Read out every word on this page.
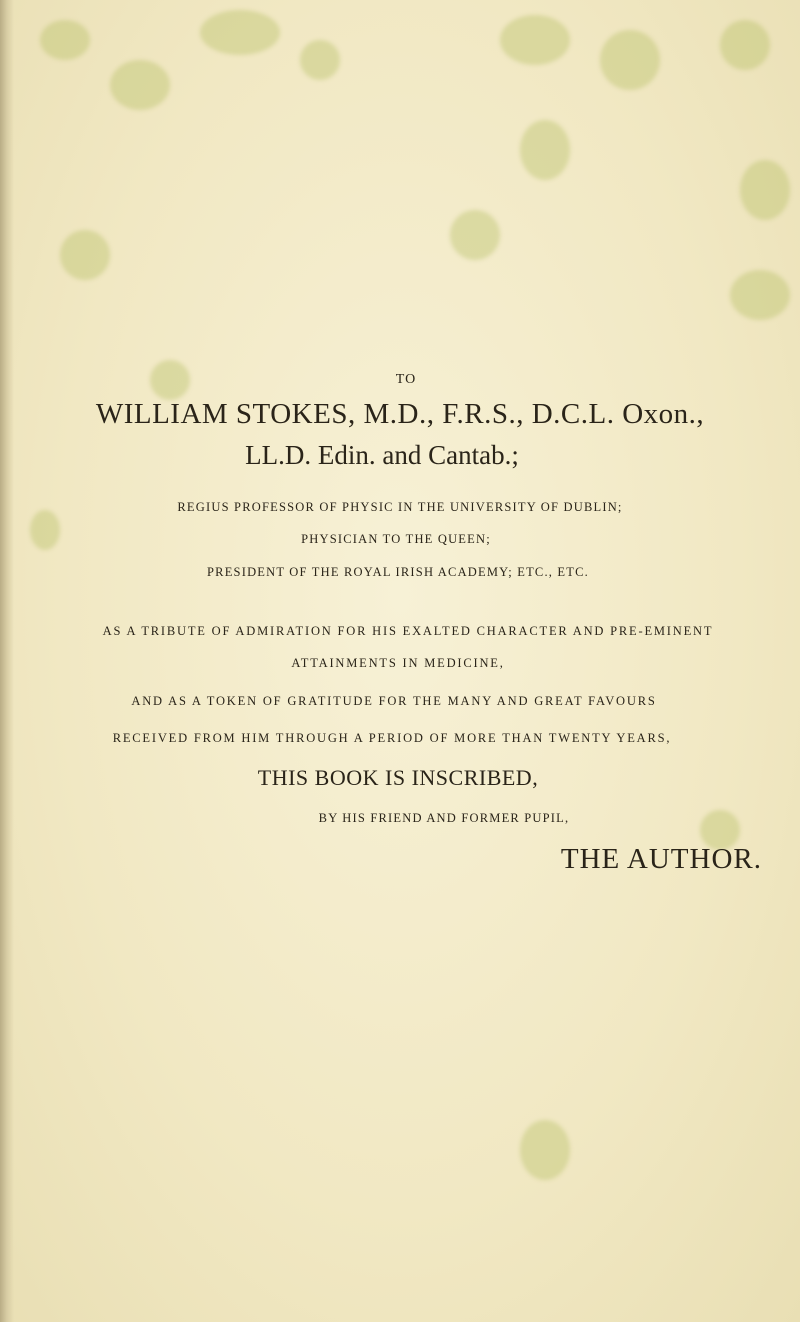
TO
WILLIAM STOKES, M.D., F.R.S., D.C.L. Oxon.,
LL.D. Edin. and Cantab.;
REGIUS PROFESSOR OF PHYSIC IN THE UNIVERSITY OF DUBLIN;
PHYSICIAN TO THE QUEEN;
PRESIDENT OF THE ROYAL IRISH ACADEMY; ETC., ETC.
AS A TRIBUTE OF ADMIRATION FOR HIS EXALTED CHARACTER AND PRE-EMINENT
ATTAINMENTS IN MEDICINE,
AND AS A TOKEN OF GRATITUDE FOR THE MANY AND GREAT FAVOURS
RECEIVED FROM HIM THROUGH A PERIOD OF MORE THAN TWENTY YEARS,
THIS BOOK IS INSCRIBED,
BY HIS FRIEND AND FORMER PUPIL,
THE AUTHOR.
